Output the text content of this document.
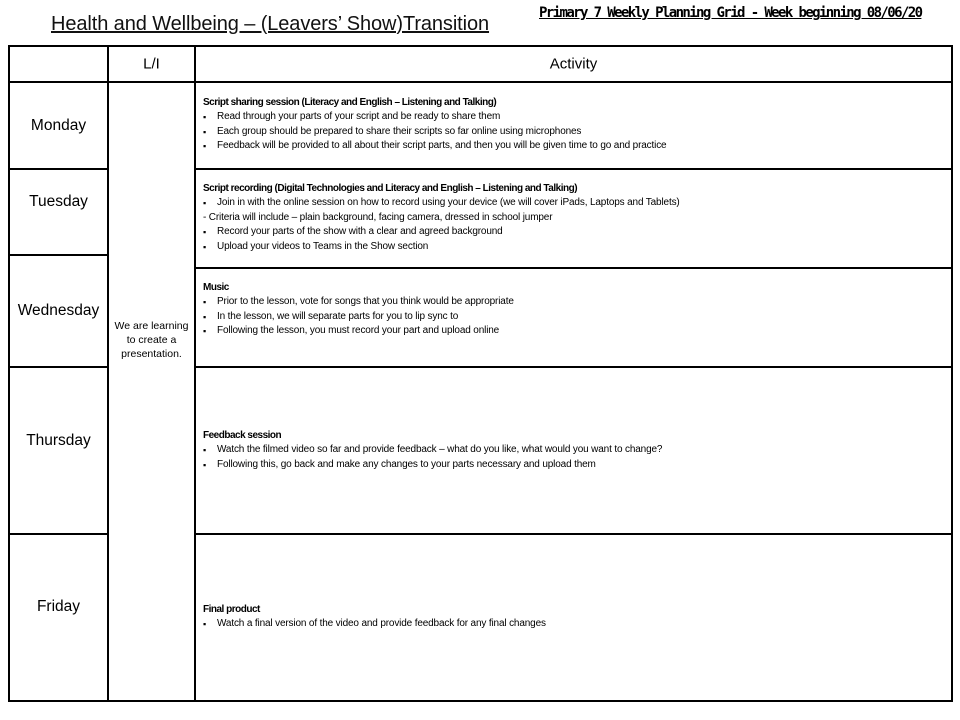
Health and Wellbeing – (Leavers’ Show)Transition	Primary 7 Weekly Planning Grid - Week beginning 08/06/20
L/I	Activity
Monday
Tuesday
Wednesday
Thursday
Friday
We are learning to create a presentation.
Script sharing session (Literacy and English – Listening and Talking)
▪ Read through your parts of your script and be ready to share them
▪ Each group should be prepared to share their scripts so far online using microphones
▪ Feedback will be provided to all about their script parts, and then you will be given time to go and practice
Script recording (Digital Technologies and Literacy and English – Listening and Talking)
▪ Join in with the online session on how to record using your device (we will cover iPads, Laptops and Tablets)
- Criteria will include – plain background, facing camera, dressed in school jumper
▪ Record your parts of the show with a clear and agreed background
▪ Upload your videos to Teams in the Show section
Music
▪ Prior to the lesson, vote for songs that you think would be appropriate
▪ In the lesson, we will separate parts for you to lip sync to
▪ Following the lesson, you must record your part and upload online
Feedback session
▪ Watch the filmed video so far and provide feedback – what do you like, what would you want to change?
▪ Following this, go back and make any changes to your parts necessary and upload them
Final product
▪ Watch a final version of the video and provide feedback for any final changes
